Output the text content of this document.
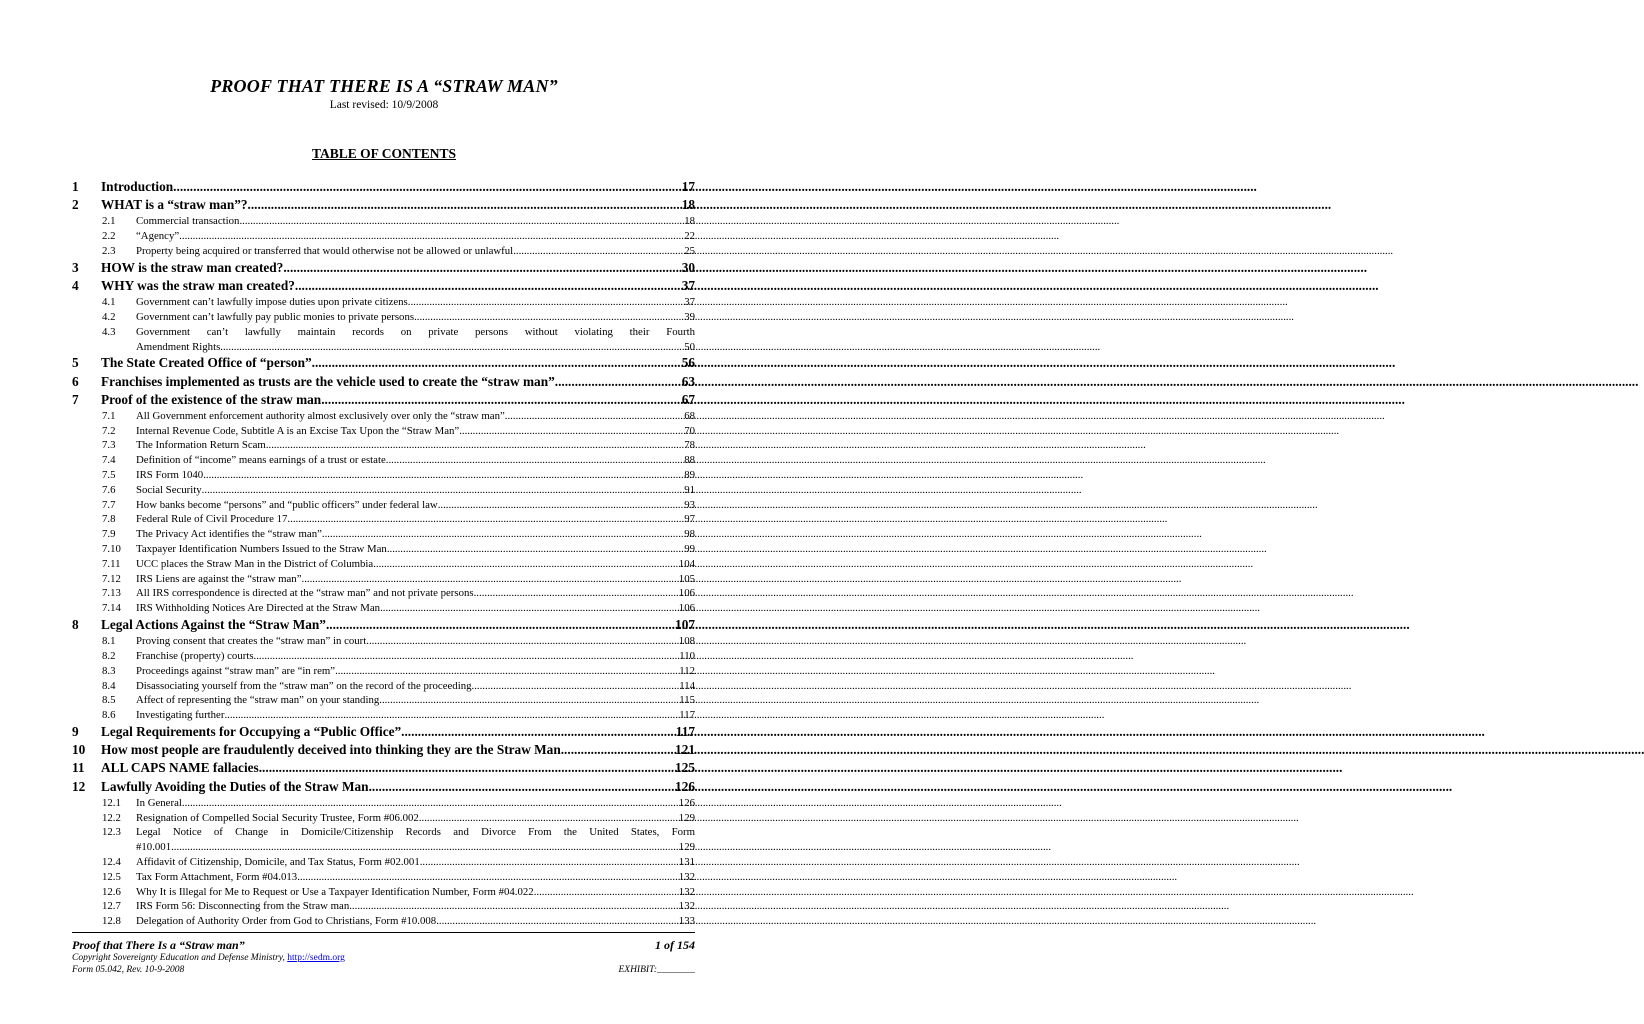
PROOF THAT THERE IS A “STRAW MAN”
Last revised: 10/9/2008
TABLE OF CONTENTS
1	Introduction .....	17
2	WHAT is a “straw man”? .....	18
2.1	Commercial transaction .....	18
2.2	“Agency” .....	22
2.3	Property being acquired or transferred that would otherwise not be allowed or unlawful .....	25
3	HOW is the straw man created? .....	30
4	WHY was the straw man created? .....	37
4.1	Government can’t lawfully impose duties upon private citizens .....	37
4.2	Government can’t lawfully pay public monies to private persons .....	39
4.3	Government can’t lawfully maintain records on private persons without violating their Fourth
Amendment Rights .....	50
5	The State Created Office of “person” .....	56
6	Franchises implemented as trusts are the vehicle used to create the “straw man” .....	63
7	Proof of the existence of the straw man .....	67
7.1	All Government enforcement authority almost exclusively over only the “straw man” .....	68
7.2	Internal Revenue Code, Subtitle A is an Excise Tax Upon the “Straw Man” .....	70
7.3	The Information Return Scam .....	78
7.4	Definition of “income” means earnings of a trust or estate .....	88
7.5	IRS Form 1040 .....	89
7.6	Social Security .....	91
7.7	How banks become “persons” and “public officers” under federal law .....	93
7.8	Federal Rule of Civil Procedure 17 .....	97
7.9	The Privacy Act identifies the “straw man” .....	98
7.10	Taxpayer Identification Numbers Issued to the Straw Man .....	99
7.11	UCC places the Straw Man in the District of Columbia .....	104
7.12	IRS Liens are against the “straw man” .....	105
7.13	All IRS correspondence is directed at the “straw man” and not private persons .....	106
7.14	IRS Withholding Notices Are Directed at the Straw Man .....	106
8	Legal Actions Against the “Straw Man” .....	107
8.1	Proving consent that creates the “straw man” in court .....	108
8.2	Franchise (property) courts .....	110
8.3	Proceedings against “straw man” are “in rem” .....	112
8.4	Disassociating yourself from the “straw man” on the record of the proceeding .....	114
8.5	Affect of representing the “straw man” on your standing .....	115
8.6	Investigating further .....	117
9	Legal Requirements for Occupying a “Public Office” .....	117
10	How most people are fraudulently deceived into thinking they are the Straw Man .....	121
11	ALL CAPS NAME fallacies .....	125
12	Lawfully Avoiding the Duties of the Straw Man .....	126
12.1	In General .....	126
12.2	Resignation of Compelled Social Security Trustee, Form #06.002 .....	129
12.3	Legal Notice of Change in Domicile/Citizenship Records and Divorce From the United States, Form
#10.001 .....	129
12.4	Affidavit of Citizenship, Domicile, and Tax Status, Form #02.001 .....	131
12.5	Tax Form Attachment, Form #04.013 .....	132
12.6	Why It is Illegal for Me to Request or Use a Taxpayer Identification Number, Form #04.022 .....	132
12.7	IRS Form 56: Disconnecting from the Straw man .....	132
12.8	Delegation of Authority Order from God to Christians, Form #10.008 .....	133
Proof that There Is a “Straw man”	1 of 154
Copyright Sovereignty Education and Defense Ministry, http://sedm.org
Form 05.042, Rev. 10-9-2008	EXHIBIT:________
